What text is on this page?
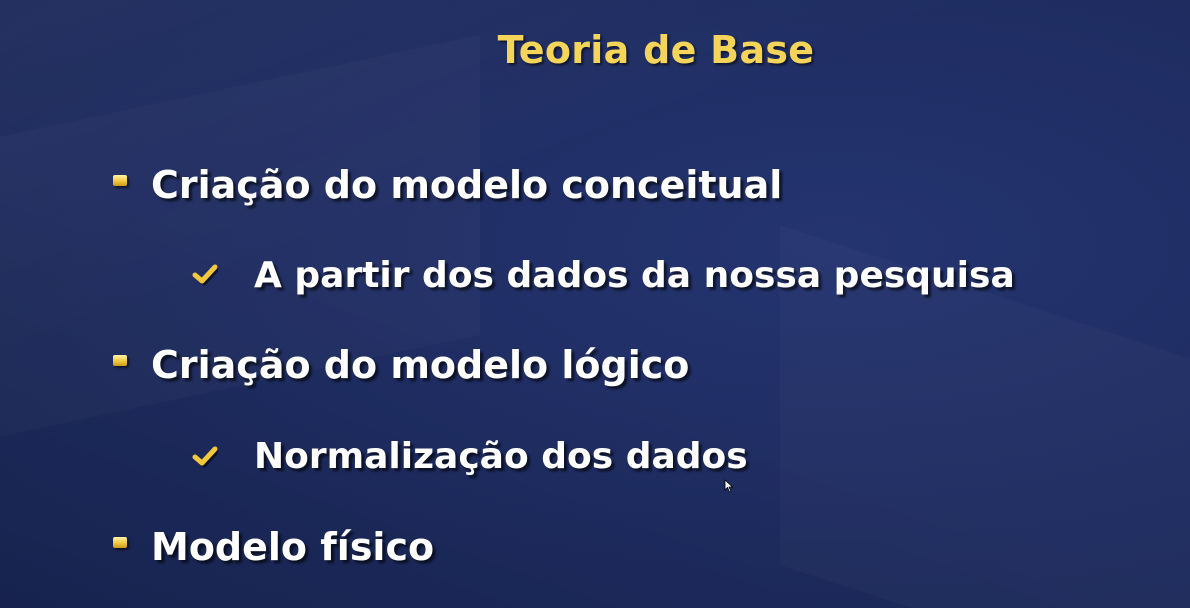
Teoria de Base
Criação do modelo conceitual
A partir dos dados da nossa pesquisa
Criação do modelo lógico
Normalização dos dados
Modelo físico
